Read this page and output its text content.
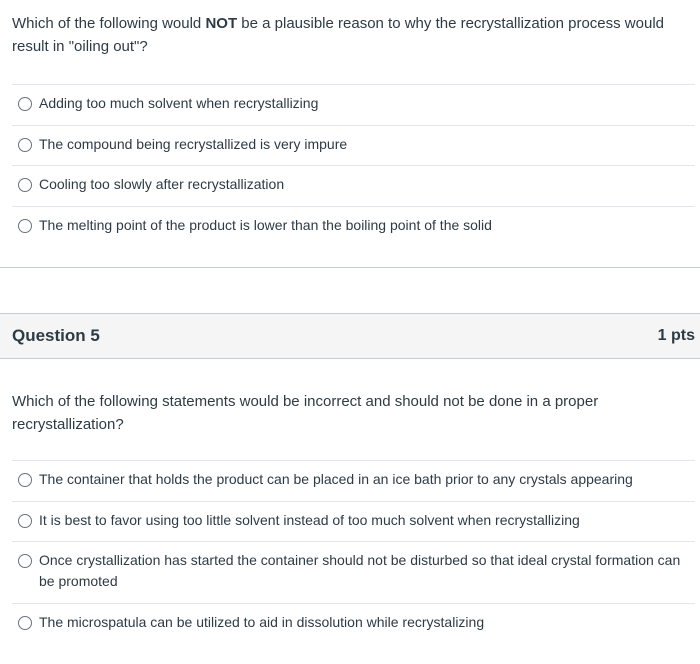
Which of the following would NOT be a plausible reason to why the recrystallization process would result in "oiling out"?
Adding too much solvent when recrystallizing
The compound being recrystallized is very impure
Cooling too slowly after recrystallization
The melting point of the product is lower than the boiling point of the solid
Question 5	1 pts
Which of the following statements would be incorrect and should not be done in a proper recrystallization?
The container that holds the product can be placed in an ice bath prior to any crystals appearing
It is best to favor using too little solvent instead of too much solvent when recrystallizing
Once crystallization has started the container should not be disturbed so that ideal crystal formation can be promoted
The microspatula can be utilized to aid in dissolution while recrystalizing
